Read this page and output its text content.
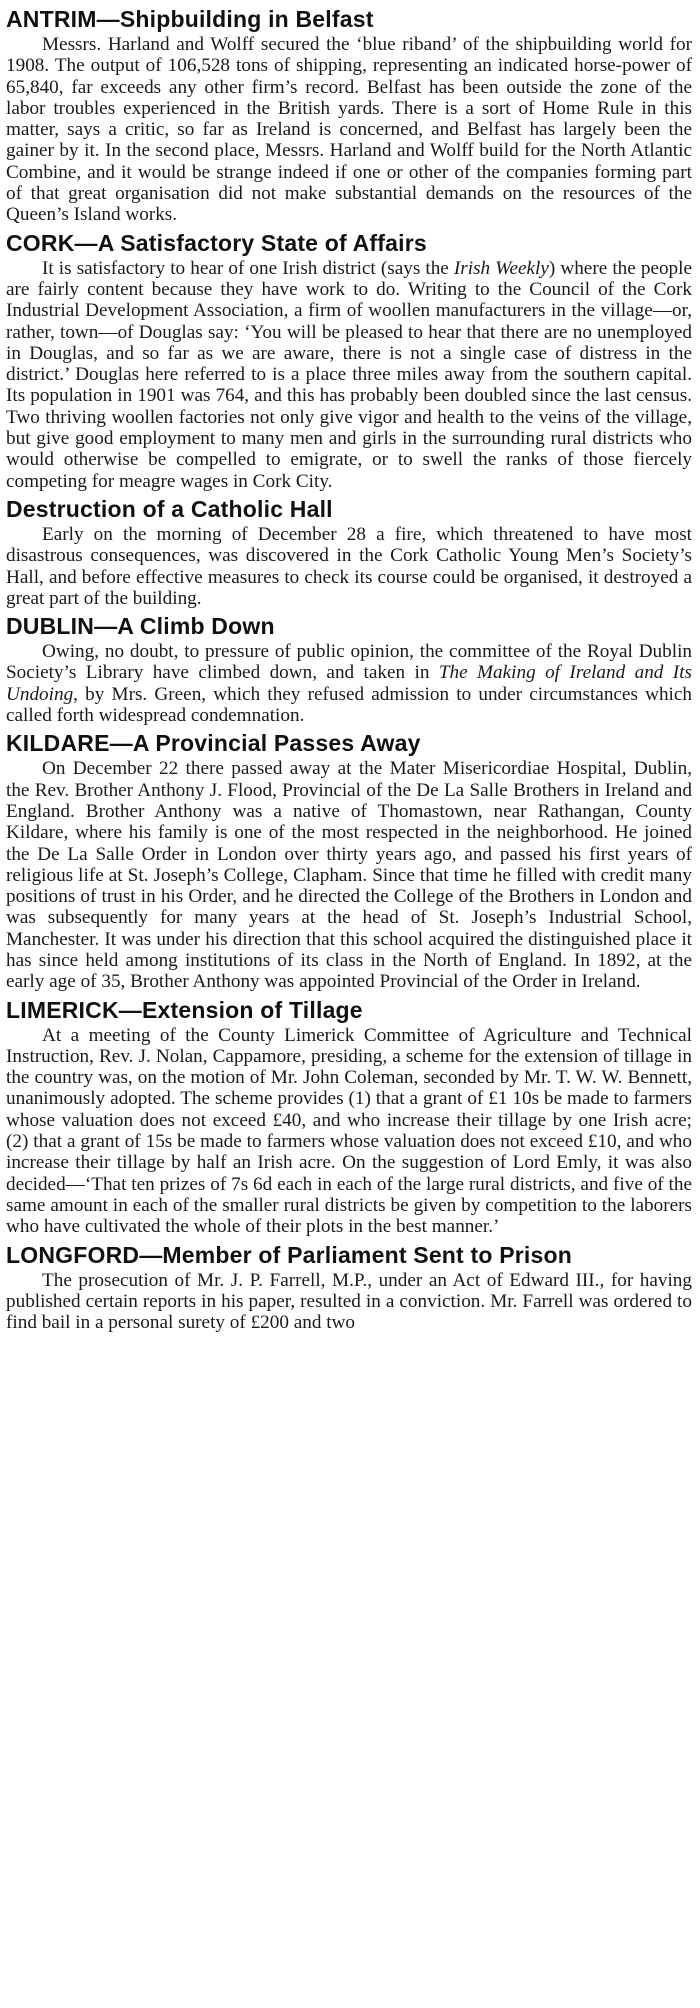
ANTRIM—Shipbuilding in Belfast

Messrs. Harland and Wolff secured the ‘blue riband’ of the shipbuilding world for 1908. The output of 106,528 tons of shipping, representing an indicated horse-power of 65,840, far exceeds any other firm’s record. Belfast has been outside the zone of the labor troubles experienced in the British yards. There is a sort of Home Rule in this matter, says a critic, so far as Ireland is concerned, and Belfast has largely been the gainer by it. In the second place, Messrs. Harland and Wolff build for the North Atlantic Combine, and it would be strange indeed if one or other of the companies forming part of that great organisation did not make substantial demands on the resources of the Queen’s Island works.

CORK—A Satisfactory State of Affairs

It is satisfactory to hear of one Irish district (says the Irish Weekly) where the people are fairly content because they have work to do. Writing to the Council of the Cork Industrial Development Association, a firm of woollen manufacturers in the village—or, rather, town—of Douglas say: ‘You will be pleased to hear that there are no unemployed in Douglas, and so far as we are aware, there is not a single case of distress in the district.’ Douglas here referred to is a place three miles away from the southern capital. Its population in 1901 was 764, and this has probably been doubled since the last census. Two thriving woollen factories not only give vigor and health to the veins of the village, but give good employment to many men and girls in the surrounding rural districts who would otherwise be compelled to emigrate, or to swell the ranks of those fiercely competing for meagre wages in Cork City.

Destruction of a Catholic Hall

Early on the morning of December 28 a fire, which threatened to have most disastrous consequences, was discovered in the Cork Catholic Young Men’s Society’s Hall, and before effective measures to check its course could be organised, it destroyed a great part of the building.

DUBLIN—A Climb Down

Owing, no doubt, to pressure of public opinion, the committee of the Royal Dublin Society’s Library have climbed down, and taken in The Making of Ireland and Its Undoing, by Mrs. Green, which they refused admission to under circumstances which called forth widespread condemnation.

KILDARE—A Provincial Passes Away

On December 22 there passed away at the Mater Misericordiae Hospital, Dublin, the Rev. Brother Anthony J. Flood, Provincial of the De La Salle Brothers in Ireland and England. Brother Anthony was a native of Thomastown, near Rathangan, County Kildare, where his family is one of the most respected in the neighborhood. He joined the De La Salle Order in London over thirty years ago, and passed his first years of religious life at St. Joseph’s College, Clapham. Since that time he filled with credit many positions of trust in his Order, and he directed the College of the Brothers in London and was subsequently for many years at the head of St. Joseph’s Industrial School, Manchester. It was under his direction that this school acquired the distinguished place it has since held among institutions of its class in the North of England. In 1892, at the early age of 35, Brother Anthony was appointed Provincial of the Order in Ireland.

LIMERICK—Extension of Tillage

At a meeting of the County Limerick Committee of Agriculture and Technical Instruction, Rev. J. Nolan, Cappamore, presiding, a scheme for the extension of tillage in the country was, on the motion of Mr. John Coleman, seconded by Mr. T. W. W. Bennett, unanimously adopted. The scheme provides (1) that a grant of £1 10s be made to farmers whose valuation does not exceed £40, and who increase their tillage by one Irish acre; (2) that a grant of 15s be made to farmers whose valuation does not exceed £10, and who increase their tillage by half an Irish acre. On the suggestion of Lord Emly, it was also decided—‘That ten prizes of 7s 6d each in each of the large rural districts, and five of the same amount in each of the smaller rural districts be given by competition to the laborers who have cultivated the whole of their plots in the best manner.’

LONGFORD—Member of Parliament Sent to Prison

The prosecution of Mr. J. P. Farrell, M.P., under an Act of Edward III., for having published certain reports in his paper, resulted in a conviction. Mr. Farrell was ordered to find bail in a personal surety of £200 and two
